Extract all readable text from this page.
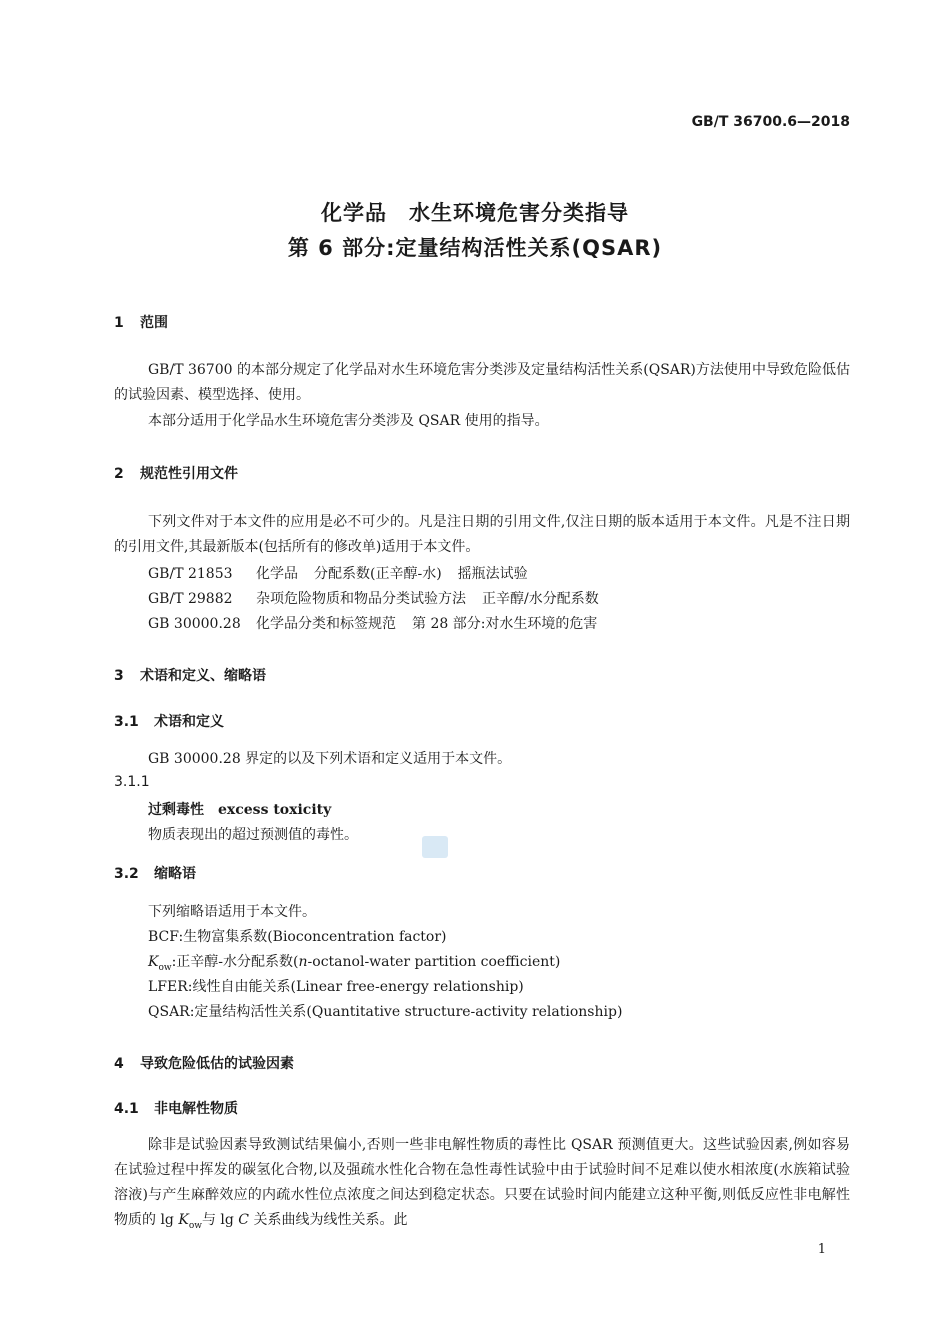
GB/T 36700.6—2018
化学品　水生环境危害分类指导
第 6 部分:定量结构活性关系(QSAR)
1 范围
GB/T 36700 的本部分规定了化学品对水生环境危害分类涉及定量结构活性关系(QSAR)方法使用中导致危险低估的试验因素、模型选择、使用。
本部分适用于化学品水生环境危害分类涉及 QSAR 使用的指导。
2 规范性引用文件
下列文件对于本文件的应用是必不可少的。凡是注日期的引用文件,仅注日期的版本适用于本文件。凡是不注日期的引用文件,其最新版本(包括所有的修改单)适用于本文件。
GB/T 21853 化学品 分配系数(正辛醇-水) 摇瓶法试验
GB/T 29882 杂项危险物质和物品分类试验方法 正辛醇/水分配系数
GB 30000.28 化学品分类和标签规范 第 28 部分:对水生环境的危害
3 术语和定义、缩略语
3.1 术语和定义
GB 30000.28 界定的以及下列术语和定义适用于本文件。
3.1.1
过剩毒性 excess toxicity
物质表现出的超过预测值的毒性。
3.2 缩略语
下列缩略语适用于本文件。
BCF:生物富集系数(Bioconcentration factor)
$K_{ow}$:正辛醇-水分配系数(n-octanol-water partition coefficient)
LFER:线性自由能关系(Linear free-energy relationship)
QSAR:定量结构活性关系(Quantitative structure-activity relationship)
4 导致危险低估的试验因素
4.1 非电解性物质
除非是试验因素导致测试结果偏小,否则一些非电解性物质的毒性比 QSAR 预测值更大。这些试验因素,例如容易在试验过程中挥发的碳氢化合物,以及强疏水性化合物在急性毒性试验中由于试验时间不足难以使水相浓度(水族箱试验溶液)与产生麻醉效应的内疏水性位点浓度之间达到稳定状态。只要在试验时间内能建立这种平衡,则低反应性非电解性物质的 $\lg K_{ow}$与 lg C 关系曲线为线性关系。此
1
